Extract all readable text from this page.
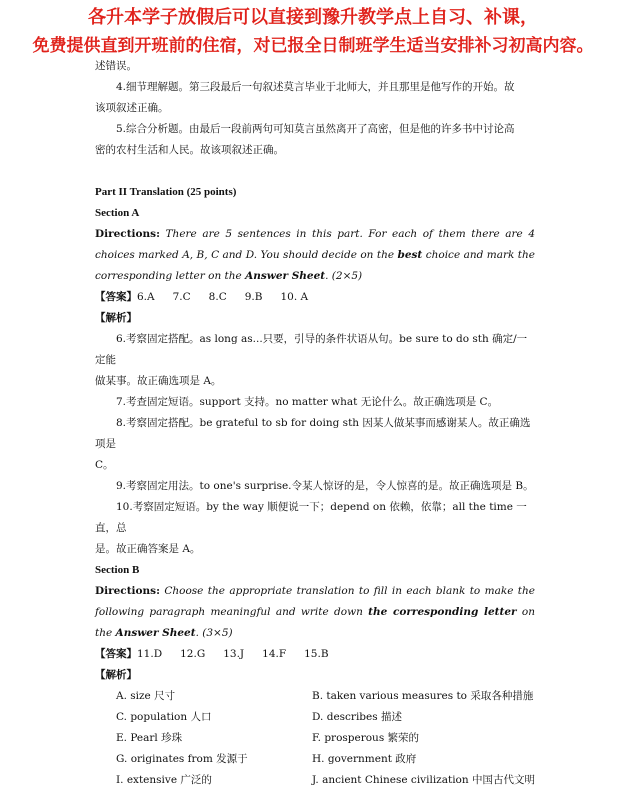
各升本学子放假后可以直接到豫升教学点上自习、补课，
免费提供直到开班前的住宿，对已报全日制班学生适当安排补习初高内容。

述错误。

4.细节理解题。第三段最后一句叙述莫言毕业于北师大，并且那里是他写作的开始。故

该项叙述正确。

5.综合分析题。由最后一段前两句可知莫言虽然离开了高密，但是他的许多书中讨论高

密的农村生活和人民。故该项叙述正确。

Part II Translation (25 points)

Section A

Directions: There are 5 sentences in this part. For each of them there are 4 choices marked A, B, C and D. You should decide on the best choice and mark the corresponding letter on the Answer Sheet. (2×5)

【答案】6.A 7.C 8.C 9.B 10. A

【解析】

6.考察固定搭配。as long as...只要，引导的条件状语从句。be sure to do sth 确定/一定能

做某事。故正确选项是 A。

7.考查固定短语。support 支持。no matter what 无论什么。故正确选项是 C。

8.考察固定搭配。be grateful to sb for doing sth 因某人做某事而感谢某人。故正确选项是

C。

9.考察固定用法。to one's surprise.令某人惊讶的是，令人惊喜的是。故正确选项是 B。

10.考察固定短语。by the way 顺便说一下；depend on 依赖，依靠；all the time 一直，总

是。故正确答案是 A。

Section B

Directions: Choose the appropriate translation to fill in each blank to make the following paragraph meaningful and write down the corresponding letter on the Answer Sheet. (3×5)

【答案】11.D 12.G 13.J 14.F 15.B

【解析】

A. size 尺寸	B. taken various measures to 采取各种措施
C. population 人口	D. describes 描述
E. Pearl 珍珠	F. prosperous 繁荣的
G. originates from 发源于	H. government 政府
I. extensive 广泛的	J. ancient Chinese civilization 中国古代文明
